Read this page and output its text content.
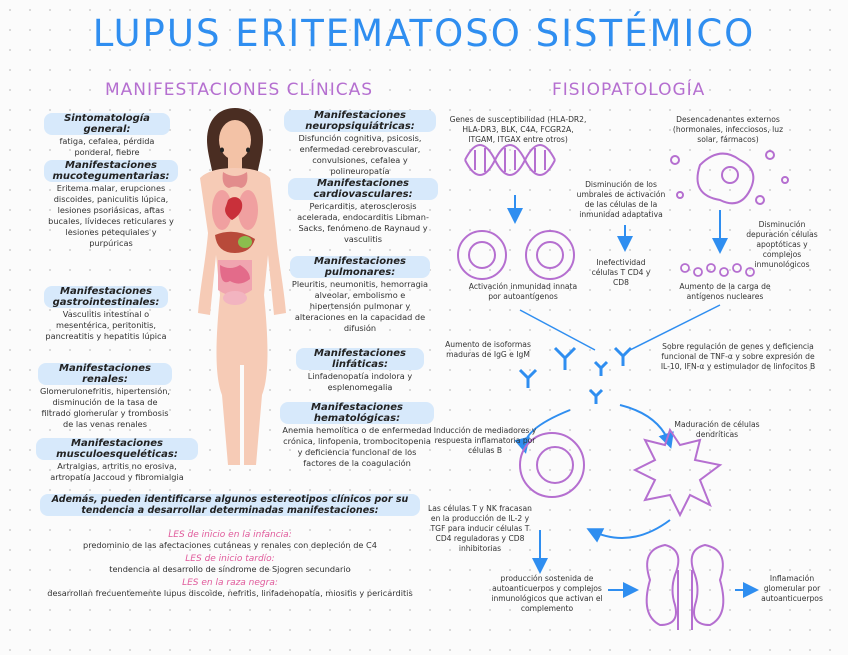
LUPUS ERITEMATOSO SISTÉMICO
MANIFESTACIONES CLÍNICAS	FISIOPATOLOGÍA
Sintomatología general:
fatiga, cefalea, pérdida ponderal, fiebre
Manifestaciones mucotegumentarias:
Eritema malar, erupciones discoides, paniculitis lúpica, lesiones psoriásicas, aftas bucales, lívideces reticulares y lesiones petequiales y purpúricas
Manifestaciones gastrointestinales:
Vasculitis intestinal o mesentérica, peritonitis, pancreatitis y hepatitis lúpica
Manifestaciones renales:
Glomerulonefritis, hipertensión, disminución de la tasa de filtrado glomerular y trombosis de las venas renales
Manifestaciones musculoesqueléticas:
Artralgias, artritis no erosiva, artropatía Jaccoud y fibromialgia
Manifestaciones neuropsiquiátricas:
Disfunción cognitiva, psicosis, enfermedad cerebrovascular, convulsiones, cefalea y polineuropatía
Manifestaciones cardiovasculares:
Pericarditis, aterosclerosis acelerada, endocarditis Libman-Sacks, fenómeno de Raynaud y vasculitis
Manifestaciones pulmonares:
Pleuritis, neumonitis, hemorragia alveolar, embolismo e hipertensión pulmonar y alteraciones en la capacidad de difusión
Manifestaciones linfáticas:
Linfadenopatía indolora y esplenomegalia
Manifestaciones hematológicas:
Anemia hemolítica o de enfermedad crónica, linfopenia, trombocitopenia y deficiencia funcional de los factores de la coagulación
Además, pueden identificarse algunos estereotipos clínicos por su tendencia a desarrollar determinadas manifestaciones:
LES de inicio en la infancia:
predominio de las afectaciones cutáneas y renales con depleción de C4
LES de inicio tardío:
tendencia al desarrollo de síndrome de Sjogren secundario
LES en la raza negra:
desarrollan frecuentemente lupus discoide, nefritis, linfadenopatía, miositis y pericarditis
Genes de susceptibilidad (HLA-DR2, HLA-DR3, BLK, C4A, FCGR2A, ITGAM, ITGAX entre otros)
Desencadenantes externos (hormonales, infecciosos, luz solar, fármacos)
Disminución de los umbrales de activación de las células de la inmunidad adaptativa
Inefectividad células T CD4 y CD8
Disminución depuración células apoptóticas y complejos inmunológicos
Activación inmunidad innata por autoantígenos
Aumento de la carga de antígenos nucleares
Aumento de isoformas maduras de IgG e IgM
Sobre regulación de genes y deficiencia funcional de TNF-α y sobre expresión de IL-10, IFN-α y estimulador de linfocitos B
Inducción de mediadores y respuesta inflamatoria por células B
Maduración de células dendríticas
Las células T y NK fracasan en la producción de IL-2 y TGF para inducir células T CD4 reguladoras y CD8 inhibitorias
producción sostenida de autoanticuerpos y complejos inmunológicos que activan el complemento
Inflamación glomerular por autoanticuerpos
